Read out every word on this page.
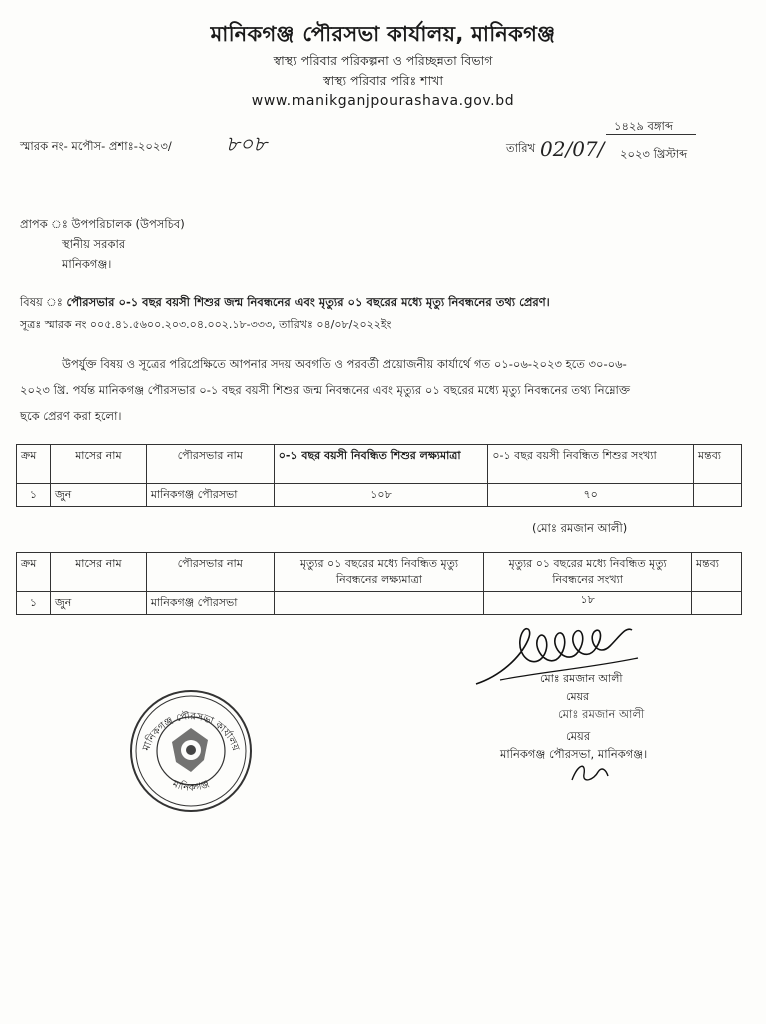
মানিকগঞ্জ পৌরসভা কার্যালয়, মানিকগঞ্জ
স্বাস্থ্য পরিবার পরিকল্পনা ও পরিচ্ছন্নতা বিভাগ
স্বাস্থ্য পরিবার পরিঃ শাখা
www.manikganjpourashava.gov.bd
স্মারক নং- মপৌস- প্রশাঃ-২০২৩/	৮০৮
১৪২৯ বঙ্গাব্দ
তারিখ 02/07/ ২০২৩ খ্রিস্টাব্দ
প্রাপক ঃ উপপরিচালক (উপসচিব)
স্থানীয় সরকার
মানিকগঞ্জ।
বিষয় ঃ পৌরসভার ০-১ বছর বয়সী শিশুর জন্ম নিবন্ধনের এবং মৃত্যুর ০১ বছরের মধ্যে মৃত্যু নিবন্ধনের তথ্য প্রেরণ।
সূত্রঃ স্মারক নং ০০৫.৪১.৫৬০০.২০৩.০৪.০০২.১৮-৩৩৩, তারিখঃ ০৪/০৮/২০২২ইং
উপর্যুক্ত বিষয় ও সূত্রের পরিপ্রেক্ষিতে আপনার সদয় অবগতি ও পরবর্তী প্রয়োজনীয় কার্যার্থে গত ০১-০৬-২০২৩ হতে ৩০-০৬-
২০২৩ খ্রি. পর্যন্ত মানিকগঞ্জ পৌরসভার ০-১ বছর বয়সী শিশুর জন্ম নিবন্ধনের এবং মৃত্যুর ০১ বছরের মধ্যে মৃত্যু নিবন্ধনের তথ্য নিম্নোক্ত
ছকে প্রেরণ করা হলো।
ক্রম	মাসের নাম	পৌরসভার নাম	০-১ বছর বয়সী নিবন্ধিত শিশুর লক্ষ্যমাত্রা	০-১ বছর বয়সী নিবন্ধিত শিশুর সংখ্যা	মন্তব্য
১	জুন	মানিকগঞ্জ পৌরসভা	১০৮	৭০	
(মোঃ রমজান আলী)
ক্রম	মাসের নাম	পৌরসভার নাম	মৃত্যুর ০১ বছরের মধ্যে নিবন্ধিত মৃত্যু নিবন্ধনের লক্ষ্যমাত্রা	মৃত্যুর ০১ বছরের মধ্যে নিবন্ধিত মৃত্যু নিবন্ধনের সংখ্যা	মন্তব্য
১	জুন	মানিকগঞ্জ পৌরসভা		১৮	
মোঃ রমজান আলী
মেয়র
মোঃ রমজান আলী
মেয়র
মানিকগঞ্জ পৌরসভা, মানিকগঞ্জ।
মানিকগঞ্জ পৌরসভা কার্যালয়
মানিকগঞ্জ
